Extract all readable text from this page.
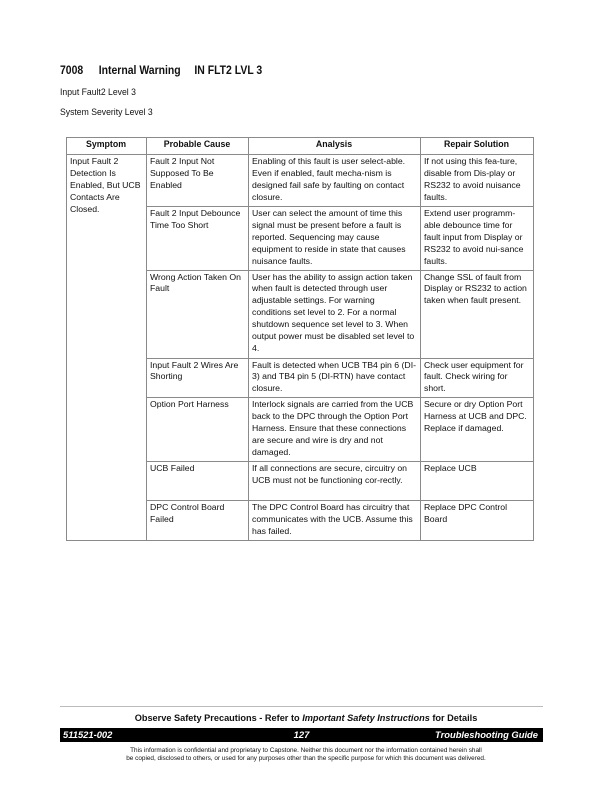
7008 Internal Warning IN FLT2 LVL 3
Input Fault2 Level 3
System Severity Level 3
Symptom	Probable Cause	Analysis	Repair Solution
Input Fault 2 Detection Is Enabled, But UCB Contacts Are Closed.	Fault 2 Input Not Supposed To Be Enabled	Enabling of this fault is user select-able. Even if enabled, fault mecha-nism is designed fail safe by faulting on contact closure.	If not using this fea-ture, disable from Dis-play or RS232 to avoid nuisance faults.
	Fault 2 Input Debounce Time Too Short	User can select the amount of time this signal must be present before a fault is reported. Sequencing may cause equipment to reside in state that causes nuisance faults.	Extend user programm-able debounce time for fault input from Display or RS232 to avoid nui-sance faults.
	Wrong Action Taken On Fault	User has the ability to assign action taken when fault is detected through user adjustable settings. For warning conditions set level to 2. For a normal shutdown sequence set level to 3. When output power must be disabled set level to 4.	Change SSL of fault from Display or RS232 to action taken when fault present.
	Input Fault 2 Wires Are Shorting	Fault is detected when UCB TB4 pin 6 (DI-3) and TB4 pin 5 (DI-RTN) have contact closure.	Check user equipment for fault. Check wiring for short.
	Option Port Harness	Interlock signals are carried from the UCB back to the DPC through the Option Port Harness. Ensure that these connections are secure and wire is dry and not damaged.	Secure or dry Option Port Harness at UCB and DPC. Replace if damaged.
	UCB Failed	If all connections are secure, circuitry on UCB must not be functioning cor-rectly.	Replace UCB
	DPC Control Board Failed	The DPC Control Board has circuitry that communicates with the UCB. Assume this has failed.	Replace DPC Control Board
Observe Safety Precautions - Refer to Important Safety Instructions for Details
511521-002	127	Troubleshooting Guide
This information is confidential and proprietary to Capstone. Neither this document nor the information contained herein shall
be copied, disclosed to others, or used for any purposes other than the specific purpose for which this document was delivered.
